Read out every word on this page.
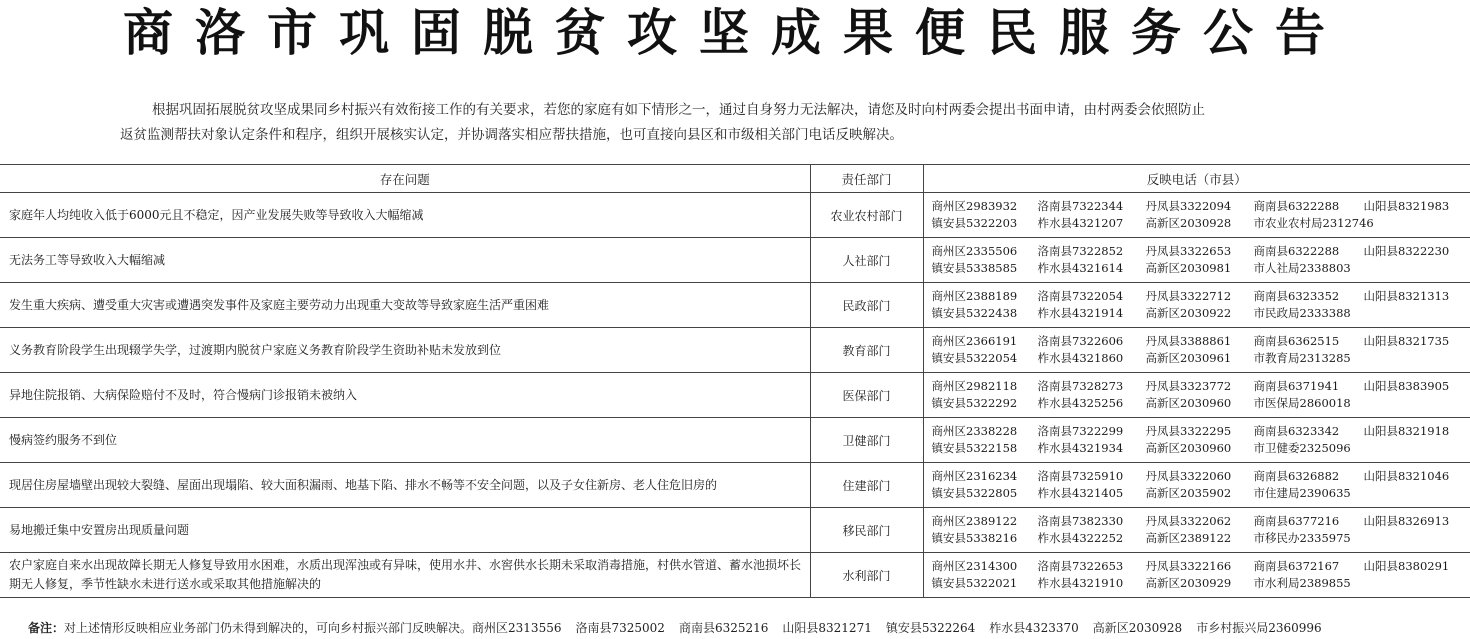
商洛市巩固脱贫攻坚成果便民服务公告
根据巩固拓展脱贫攻坚成果同乡村振兴有效衔接工作的有关要求，若您的家庭有如下情形之一，通过自身努力无法解决，请您及时向村两委会提出书面申请，由村两委会依照防止
返贫监测帮扶对象认定条件和程序，组织开展核实认定，并协调落实相应帮扶措施，也可直接向县区和市级相关部门电话反映解决。
存在问题	责任部门	反映电话（市县）
家庭年人均纯收入低于6000元且不稳定，因产业发展失败等导致收入大幅缩减	农业农村部门	商州区2983932 洛南县7322344 丹凤县3322094 商南县6322288 山阳县8321983
镇安县5322203 柞水县4321207 高新区2030928 市农业农村局2312746

无法务工等导致收入大幅缩减	人社部门	商州区2335506 洛南县7322852 丹凤县3322653 商南县6322288 山阳县8322230
镇安县5338585 柞水县4321614 高新区2030981 市人社局2338803

发生重大疾病、遭受重大灾害或遭遇突发事件及家庭主要劳动力出现重大变故等导致家庭生活严重困难	民政部门	商州区2388189 洛南县7322054 丹凤县3322712 商南县6323352 山阳县8321313
镇安县5322438 柞水县4321914 高新区2030922 市民政局2333388

义务教育阶段学生出现辍学失学，过渡期内脱贫户家庭义务教育阶段学生资助补贴未发放到位	教育部门	商州区2366191 洛南县7322606 丹凤县3388861 商南县6362515 山阳县8321735
镇安县5322054 柞水县4321860 高新区2030961 市教育局2313285

异地住院报销、大病保险赔付不及时，符合慢病门诊报销未被纳入	医保部门	商州区2982118 洛南县7328273 丹凤县3323772 商南县6371941 山阳县8383905
镇安县5322292 柞水县4325256 高新区2030960 市医保局2860018

慢病签约服务不到位	卫健部门	商州区2338228 洛南县7322299 丹凤县3322295 商南县6323342 山阳县8321918
镇安县5322158 柞水县4321934 高新区2030960 市卫健委2325096

现居住房屋墙壁出现较大裂缝、屋面出现塌陷、较大面积漏雨、地基下陷、排水不畅等不安全问题，以及子女住新房、老人住危旧房的	住建部门	商州区2316234 洛南县7325910 丹凤县3322060 商南县6326882 山阳县8321046
镇安县5322805 柞水县4321405 高新区2035902 市住建局2390635

易地搬迁集中安置房出现质量问题	移民部门	商州区2389122 洛南县7382330 丹凤县3322062 商南县6377216 山阳县8326913
镇安县5338216 柞水县4322252 高新区2389122 市移民办2335975

农户家庭自来水出现故障长期无人修复导致用水困难，水质出现浑浊或有异味，使用水井、水窖供水长期未采取消毒措施，村供水管道、蓄水池损坏长期无人修复，季节性缺水未进行送水或采取其他措施解决的	水利部门	商州区2314300 洛南县7322653 丹凤县3322166 商南县6372167 山阳县8380291
镇安县5322021 柞水县4321910 高新区2030929 市水利局2389855
备注：对上述情形反映相应业务部门仍未得到解决的，可向乡村振兴部门反映解决。商州区2313556 洛南县7325002 商南县6325216 山阳县8321271 镇安县5322264 柞水县4323370 高新区2030928 市乡村振兴局2360996
